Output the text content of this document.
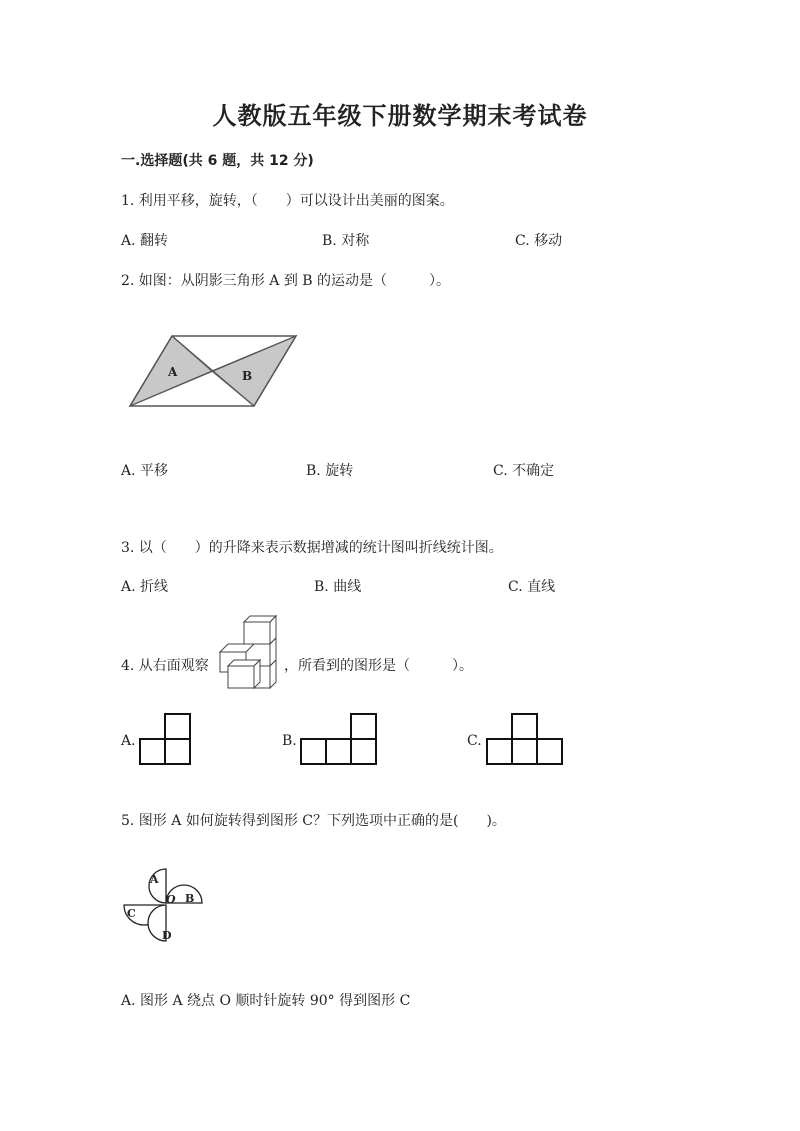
人教版五年级下册数学期末考试卷
一.选择题(共 6 题，共 12 分)
1. 利用平移，旋转，（　　）可以设计出美丽的图案。
A. 翻转	B. 对称	C. 移动
2. 如图：从阴影三角形 A 到 B 的运动是（　　　）。
A	B
A. 平移	B. 旋转	C. 不确定
3. 以（　　）的升降来表示数据增减的统计图叫折线统计图。
A. 折线	B. 曲线	C. 直线
4. 从右面观察	，所看到的图形是（　　　）。
A.	B.	C.
5. 图形 A 如何旋转得到图形 C？下列选项中正确的是(　　)。
A
B
C
D
O
A. 图形 A 绕点 O 顺时针旋转 90° 得到图形 C
